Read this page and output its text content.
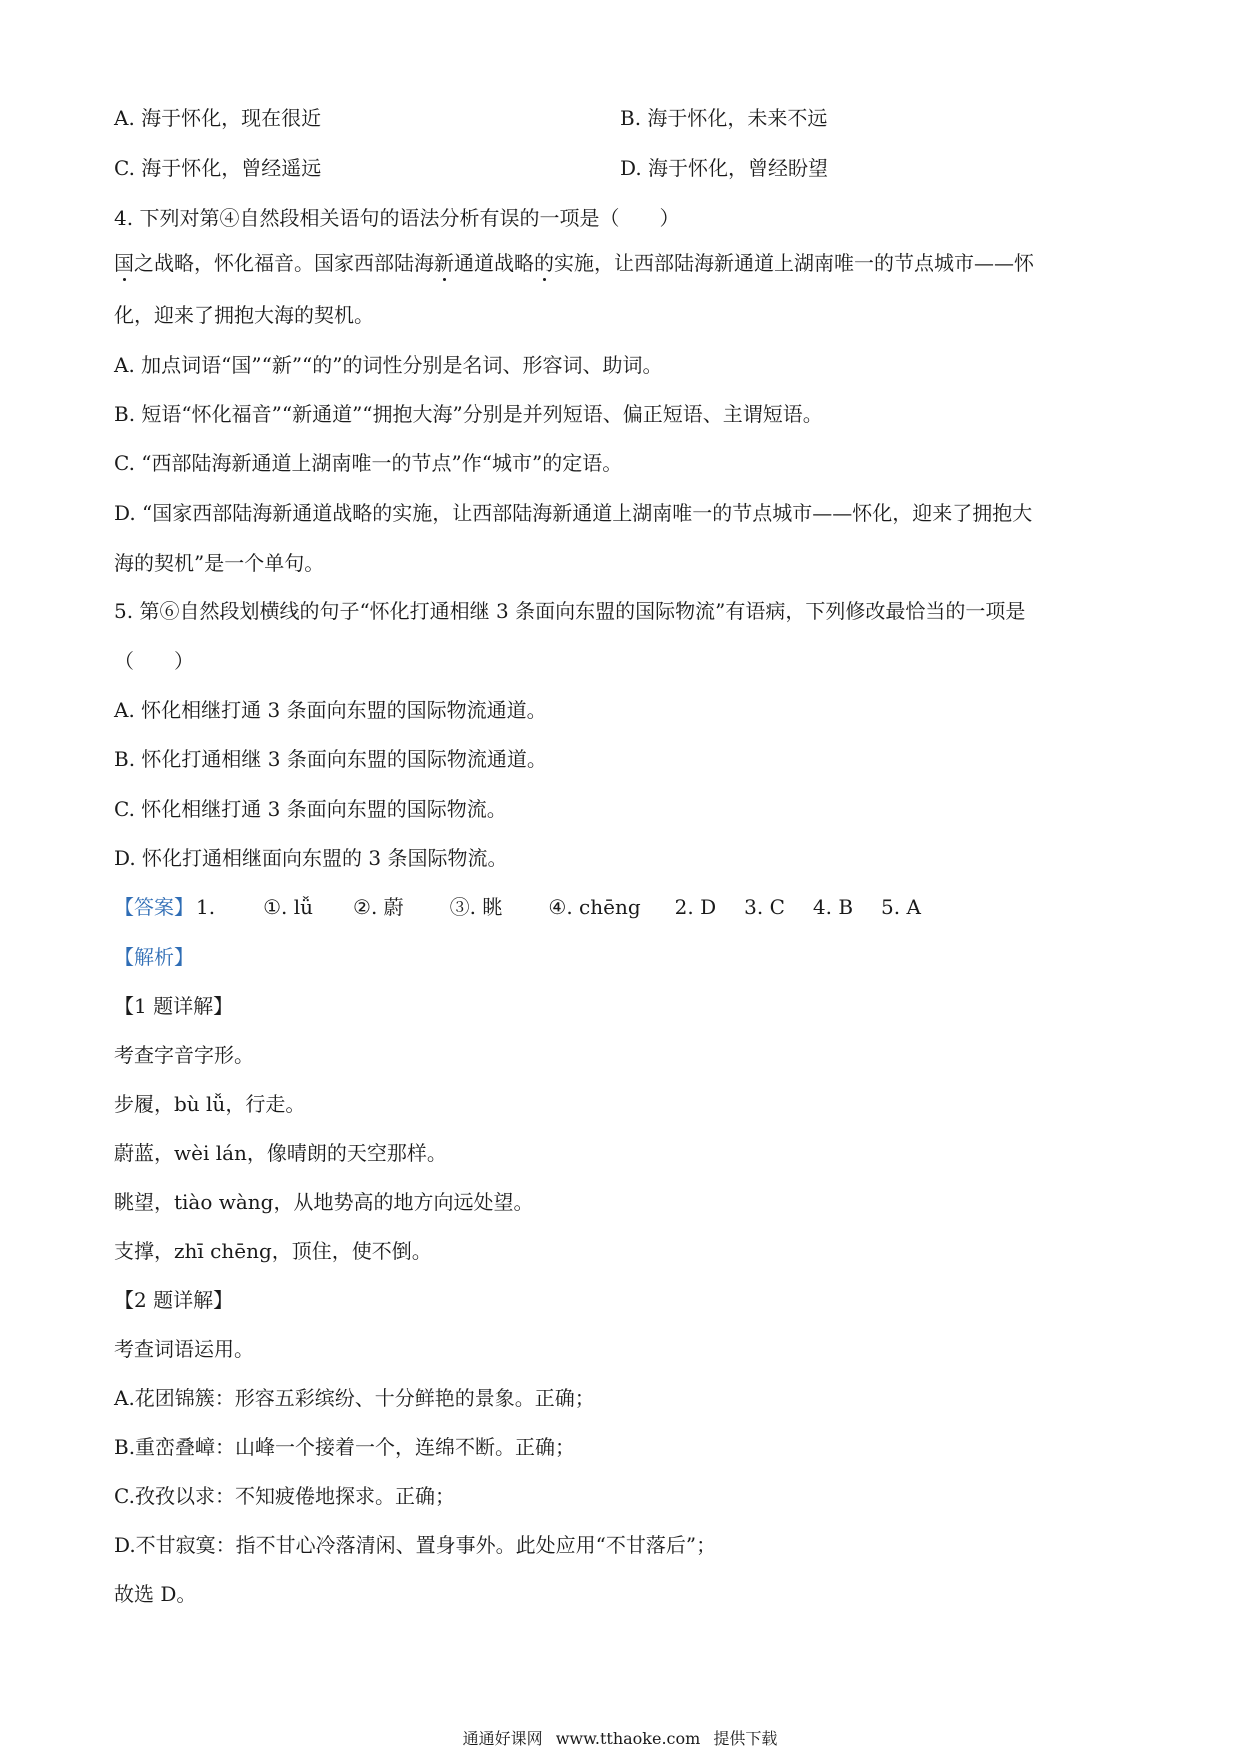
A. 海于怀化，现在很近	B. 海于怀化，未来不远
C. 海于怀化，曾经遥远	D. 海于怀化，曾经盼望
4. 下列对第④自然段相关语句的语法分析有误的一项是（　　）
国之战略，怀化福音。国家西部陆海新通道战略的实施，让西部陆海新通道上湖南唯一的节点城市——怀
化，迎来了拥抱大海的契机。
A. 加点词语“国”“新”“的”的词性分别是名词、形容词、助词。
B. 短语“怀化福音”“新通道”“拥抱大海”分别是并列短语、偏正短语、主谓短语。
C. “西部陆海新通道上湖南唯一的节点”作“城市”的定语。
D. “国家西部陆海新通道战略的实施，让西部陆海新通道上湖南唯一的节点城市——怀化，迎来了拥抱大
海的契机”是一个单句。
5. 第⑥自然段划横线的句子“怀化打通相继 3 条面向东盟的国际物流”有语病，下列修改最恰当的一项是
（　　）
A. 怀化相继打通 3 条面向东盟的国际物流通道。
B. 怀化打通相继 3 条面向东盟的国际物流通道。
C. 怀化相继打通 3 条面向东盟的国际物流。
D. 怀化打通相继面向东盟的 3 条国际物流。
【答案】 1. ①. lǚ ②. 蔚 ③. 眺 ④. chēng 2. D 3. C 4. B 5. A
【解析】
【1 题详解】
考查字音字形。
步履，bù lǚ，行走。
蔚蓝，wèi lán，像晴朗的天空那样。
眺望，tiào wàng，从地势高的地方向远处望。
支撑，zhī chēng，顶住，使不倒。
【2 题详解】
考查词语运用。
A.花团锦簇：形容五彩缤纷、十分鲜艳的景象。正确；
B.重峦叠嶂：山峰一个接着一个，连绵不断。正确；
C.孜孜以求：不知疲倦地探求。正确；
D.不甘寂寞：指不甘心冷落清闲、置身事外。此处应用“不甘落后”；
故选 D。
通通好课网 www.tthaoke.com 提供下载
